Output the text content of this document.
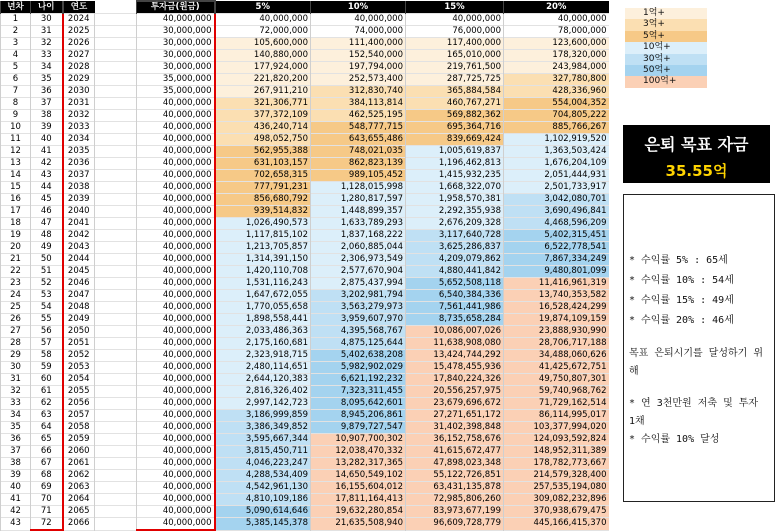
년차	나이	연도		투자금(원금)	5%	10%	15%	20%
1	30	2024		40,000,000	40,000,000	40,000,000	40,000,000	40,000,000
2	31	2025		30,000,000	72,000,000	74,000,000	76,000,000	78,000,000
3	32	2026		30,000,000	105,600,000	111,400,000	117,400,000	123,600,000
4	33	2027		30,000,000	140,880,000	152,540,000	165,010,000	178,320,000
5	34	2028		30,000,000	177,924,000	197,794,000	219,761,500	243,984,000
6	35	2029		35,000,000	221,820,200	252,573,400	287,725,725	327,780,800
7	36	2030		35,000,000	267,911,210	312,830,740	365,884,584	428,336,960
8	37	2031		40,000,000	321,306,771	384,113,814	460,767,271	554,004,352
9	38	2032		40,000,000	377,372,109	462,525,195	569,882,362	704,805,222
10	39	2033		40,000,000	436,240,714	548,777,715	695,364,716	885,766,267
11	40	2034		40,000,000	498,052,750	643,655,486	839,669,424	1,102,919,520
12	41	2035		40,000,000	562,955,388	748,021,035	1,005,619,837	1,363,503,424
13	42	2036		40,000,000	631,103,157	862,823,139	1,196,462,813	1,676,204,109
14	43	2037		40,000,000	702,658,315	989,105,452	1,415,932,235	2,051,444,931
15	44	2038		40,000,000	777,791,231	1,128,015,998	1,668,322,070	2,501,733,917
16	45	2039		40,000,000	856,680,792	1,280,817,597	1,958,570,381	3,042,080,701
17	46	2040		40,000,000	939,514,832	1,448,899,357	2,292,355,938	3,690,496,841
18	47	2041		40,000,000	1,026,490,573	1,633,789,293	2,676,209,328	4,468,596,209
19	48	2042		40,000,000	1,117,815,102	1,837,168,222	3,117,640,728	5,402,315,451
20	49	2043		40,000,000	1,213,705,857	2,060,885,044	3,625,286,837	6,522,778,541
21	50	2044		40,000,000	1,314,391,150	2,306,973,549	4,209,079,862	7,867,334,249
22	51	2045		40,000,000	1,420,110,708	2,577,670,904	4,880,441,842	9,480,801,099
23	52	2046		40,000,000	1,531,116,243	2,875,437,994	5,652,508,118	11,416,961,319
24	53	2047		40,000,000	1,647,672,055	3,202,981,794	6,540,384,336	13,740,353,582
25	54	2048		40,000,000	1,770,055,658	3,563,279,973	7,561,441,986	16,528,424,299
26	55	2049		40,000,000	1,898,558,441	3,959,607,970	8,735,658,284	19,874,109,159
27	56	2050		40,000,000	2,033,486,363	4,395,568,767	10,086,007,026	23,888,930,990
28	57	2051		40,000,000	2,175,160,681	4,875,125,644	11,638,908,080	28,706,717,188
29	58	2052		40,000,000	2,323,918,715	5,402,638,208	13,424,744,292	34,488,060,626
30	59	2053		40,000,000	2,480,114,651	5,982,902,029	15,478,455,936	41,425,672,751
31	60	2054		40,000,000	2,644,120,383	6,621,192,232	17,840,224,326	49,750,807,301
32	61	2055		40,000,000	2,816,326,402	7,323,311,455	20,556,257,975	59,740,968,762
33	62	2056		40,000,000	2,997,142,723	8,095,642,601	23,679,696,672	71,729,162,514
34	63	2057		40,000,000	3,186,999,859	8,945,206,861	27,271,651,172	86,114,995,017
35	64	2058		40,000,000	3,386,349,852	9,879,727,547	31,402,398,848	103,377,994,020
36	65	2059		40,000,000	3,595,667,344	10,907,700,302	36,152,758,676	124,093,592,824
37	66	2060		40,000,000	3,815,450,711	12,038,470,332	41,615,672,477	148,952,311,389
38	67	2061		40,000,000	4,046,223,247	13,282,317,365	47,898,023,348	178,782,773,667
39	68	2062		40,000,000	4,288,534,409	14,650,549,102	55,122,726,851	214,579,328,400
40	69	2063		40,000,000	4,542,961,130	16,155,604,012	63,431,135,878	257,535,194,080
41	70	2064		40,000,000	4,810,109,186	17,811,164,413	72,985,806,260	309,082,232,896
42	71	2065		40,000,000	5,090,614,646	19,632,280,854	83,973,677,199	370,938,679,475
43	72	2066		40,000,000	5,385,145,378	21,635,508,940	96,609,728,779	445,166,415,370
1억+
3억+
5억+
10억+
30억+
50억+
100억+
은퇴 목표 자금
35.55억
* 수익률 5% : 65세
* 수익률 10% : 54세
* 수익률 15% : 49세
* 수익률 20% : 46세
목표 은퇴시기를 달성하기 위해
* 연 3천만원 저축 및 투자 1채
* 수익률 10% 달성
